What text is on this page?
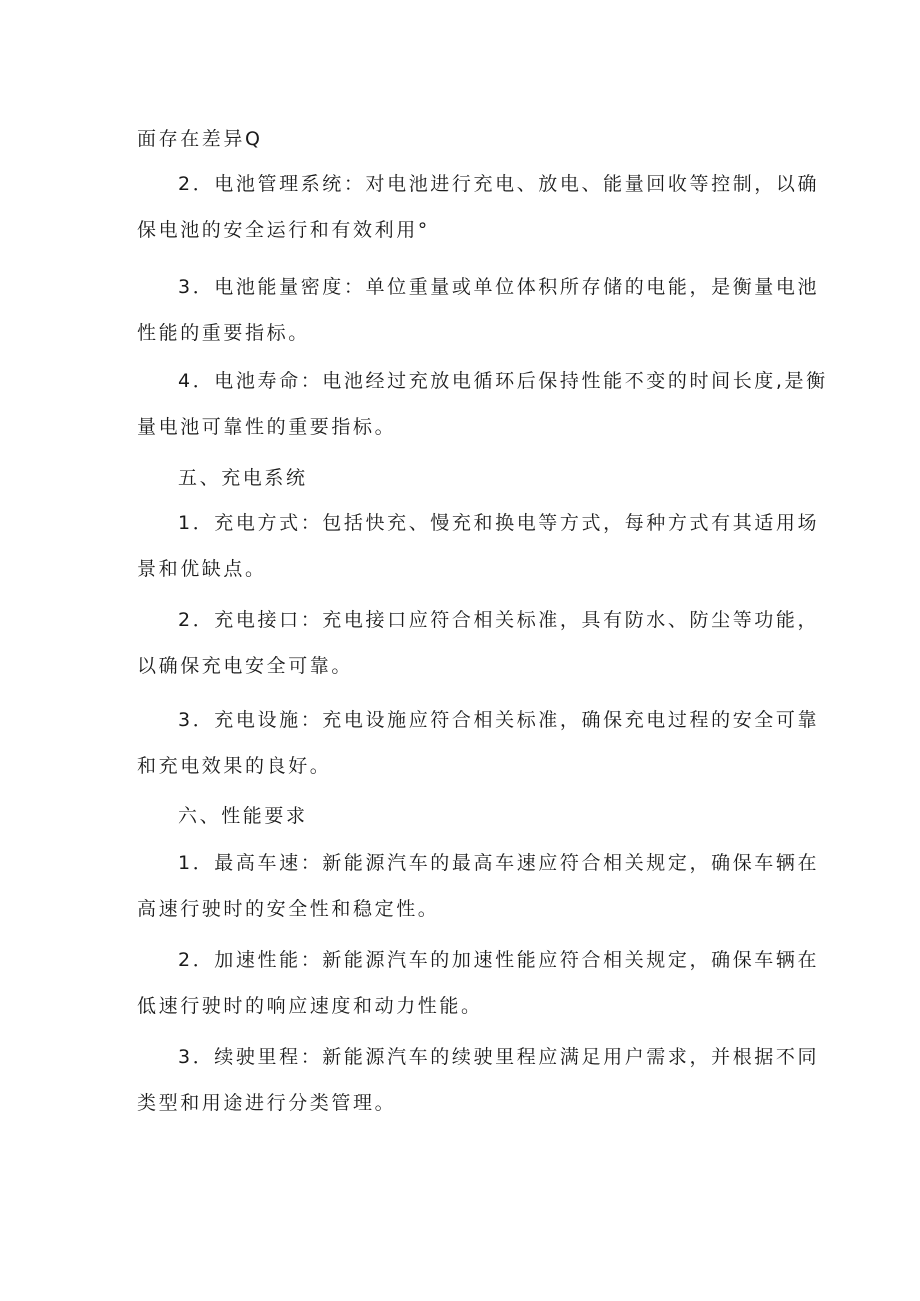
面存在差异Q

2．电池管理系统：对电池进行充电、放电、能量回收等控制，以确
保电池的安全运行和有效利用°

3．电池能量密度：单位重量或单位体积所存储的电能，是衡量电池
性能的重要指标。

4．电池寿命：电池经过充放电循环后保持性能不变的时间长度,是衡
量电池可靠性的重要指标。

五、充电系统

1．充电方式：包括快充、慢充和换电等方式，每种方式有其适用场
景和优缺点。

2．充电接口：充电接口应符合相关标准，具有防水、防尘等功能，
以确保充电安全可靠。

3．充电设施：充电设施应符合相关标准，确保充电过程的安全可靠
和充电效果的良好。

六、性能要求

1．最高车速：新能源汽车的最高车速应符合相关规定，确保车辆在
高速行驶时的安全性和稳定性。

2．加速性能：新能源汽车的加速性能应符合相关规定，确保车辆在
低速行驶时的响应速度和动力性能。

3．续驶里程：新能源汽车的续驶里程应满足用户需求，并根据不同
类型和用途进行分类管理。
